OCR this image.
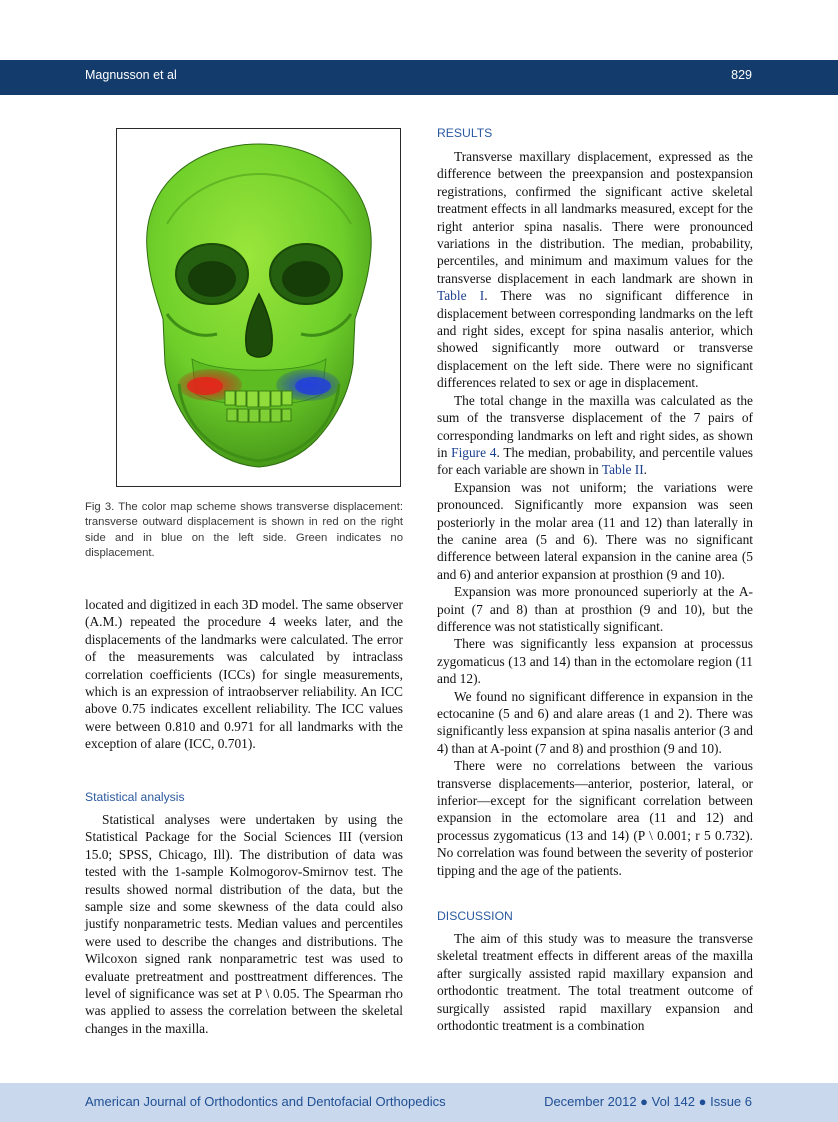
Magnusson et al	829

Fig 3. The color map scheme shows transverse displacement: transverse outward displacement is shown in red on the right side and in blue on the left side. Green indicates no displacement.

located and digitized in each 3D model. The same observer (A.M.) repeated the procedure 4 weeks later, and the displacements of the landmarks were calculated. The error of the measurements was calculated by intraclass correlation coefficients (ICCs) for single measurements, which is an expression of intraobserver reliability. An ICC above 0.75 indicates excellent reliability. The ICC values were between 0.810 and 0.971 for all landmarks with the exception of alare (ICC, 0.701).

Statistical analysis

Statistical analyses were undertaken by using the Statistical Package for the Social Sciences III (version 15.0; SPSS, Chicago, Ill). The distribution of data was tested with the 1-sample Kolmogorov-Smirnov test. The results showed normal distribution of the data, but the sample size and some skewness of the data could also justify nonparametric tests. Median values and percentiles were used to describe the changes and distributions. The Wilcoxon signed rank nonparametric test was used to evaluate pretreatment and posttreatment differences. The level of significance was set at P \ 0.05. The Spearman rho was applied to assess the correlation between the skeletal changes in the maxilla.

RESULTS

Transverse maxillary displacement, expressed as the difference between the preexpansion and postexpansion registrations, confirmed the significant active skeletal treatment effects in all landmarks measured, except for the right anterior spina nasalis. There were pronounced variations in the distribution. The median, probability, percentiles, and minimum and maximum values for the transverse displacement in each landmark are shown in Table I. There was no significant difference in displacement between corresponding landmarks on the left and right sides, except for spina nasalis anterior, which showed significantly more outward or transverse displacement on the left side. There were no significant differences related to sex or age in displacement.

The total change in the maxilla was calculated as the sum of the transverse displacement of the 7 pairs of corresponding landmarks on left and right sides, as shown in Figure 4. The median, probability, and percentile values for each variable are shown in Table II.

Expansion was not uniform; the variations were pronounced. Significantly more expansion was seen posteriorly in the molar area (11 and 12) than laterally in the canine area (5 and 6). There was no significant difference between lateral expansion in the canine area (5 and 6) and anterior expansion at prosthion (9 and 10).

Expansion was more pronounced superiorly at the A-point (7 and 8) than at prosthion (9 and 10), but the difference was not statistically significant.

There was significantly less expansion at processus zygomaticus (13 and 14) than in the ectomolare region (11 and 12).

We found no significant difference in expansion in the ectocanine (5 and 6) and alare areas (1 and 2). There was significantly less expansion at spina nasalis anterior (3 and 4) than at A-point (7 and 8) and prosthion (9 and 10).

There were no correlations between the various transverse displacements—anterior, posterior, lateral, or inferior—except for the significant correlation between expansion in the ectomolare area (11 and 12) and processus zygomaticus (13 and 14) (P \ 0.001; r 5 0.732). No correlation was found between the severity of posterior tipping and the age of the patients.

DISCUSSION

The aim of this study was to measure the transverse skeletal treatment effects in different areas of the maxilla after surgically assisted rapid maxillary expansion and orthodontic treatment. The total treatment outcome of surgically assisted rapid maxillary expansion and orthodontic treatment is a combination

American Journal of Orthodontics and Dentofacial Orthopedics	December 2012 ● Vol 142 ● Issue 6
